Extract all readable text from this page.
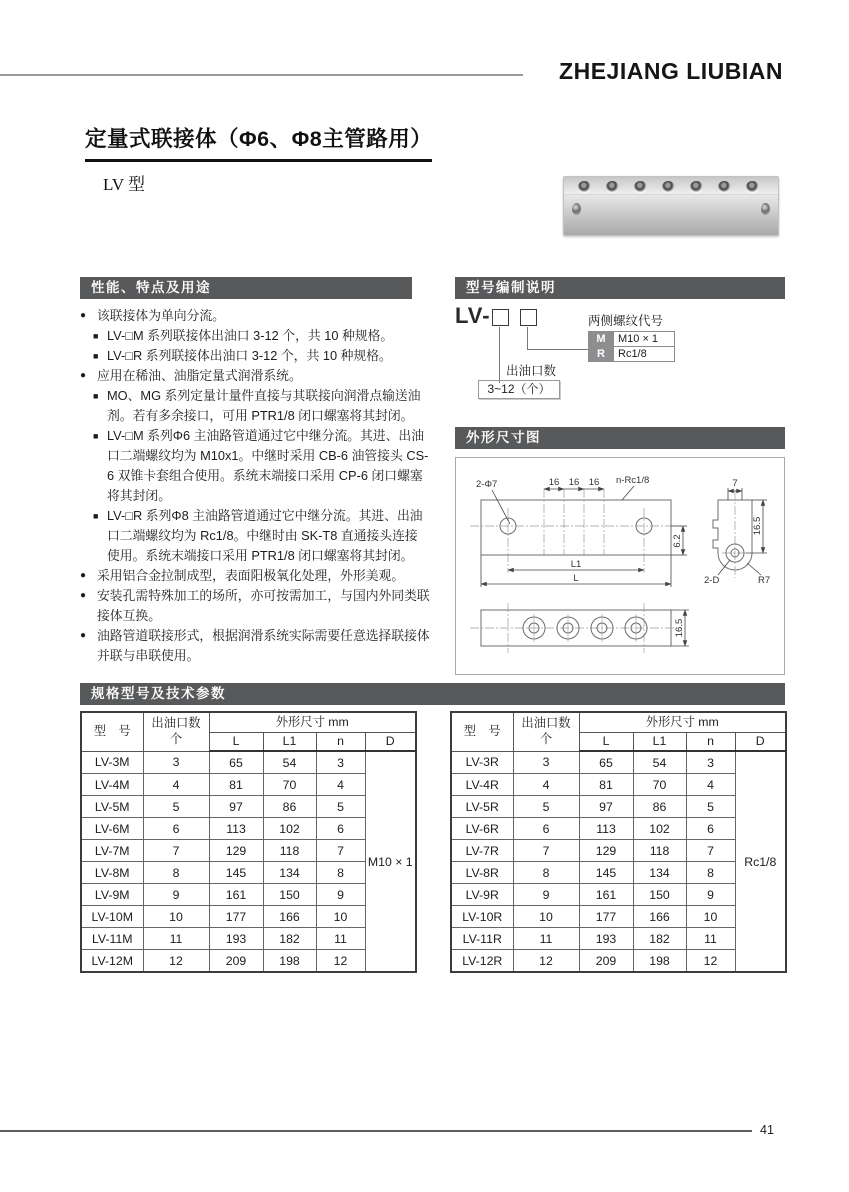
ZHEJIANG LIUBIAN
定量式联接体（Φ6、Φ8主管路用）
LV 型
性能、特点及用途	型号编制说明
外形尺寸图
规格型号及技术参数
● 该联接体为单向分流。
■ LV-□M 系列联接体出油口 3-12 个，共 10 种规格。
■ LV-□R 系列联接体出油口 3-12 个，共 10 种规格。
● 应用在稀油、油脂定量式润滑系统。
■ MO、MG 系列定量计量件直接与其联接向润滑点输送油剂。若有多余接口，可用 PTR1/8 闭口螺塞将其封闭。
■ LV-□M 系列Φ6 主油路管道通过它中继分流。其进、出油口二端螺纹均为 M10x1。中继时采用 CB-6 油管接头 CS-6 双锥卡套组合使用。系统末端接口采用 CP-6 闭口螺塞将其封闭。
■ LV-□R 系列Φ8 主油路管道通过它中继分流。其进、出油口二端螺纹均为 Rc1/8。中继时由 SK-T8 直通接头连接使用。系统末端接口采用 PTR1/8 闭口螺塞将其封闭。
● 采用铝合金拉制成型，表面阳极氧化处理，外形美观。
● 安装孔需特殊加工的场所，亦可按需加工，与国内外同类联接体互换。
● 油路管道联接形式，根据润滑系统实际需要任意选择联接体并联与串联使用。
LV-
出油口数
3~12（个）
两侧螺纹代号
M	M10 × 1
R	Rc1/8
16 16 16
2-Φ7	n-Rc1/8
6.2
L1
L
16.5
7
16.5
2-D	R7
型　号	出油口数
个	外形尺寸 mm			
		L	L1	n	D
LV-3M	3	65	54	3	M10 × 1
LV-4M	4	81	70	4	
LV-5M	5	97	86	5	
LV-6M	6	113	102	6	
LV-7M	7	129	118	7	
LV-8M	8	145	134	8	
LV-9M	9	161	150	9	
LV-10M	10	177	166	10	
LV-11M	11	193	182	11	
LV-12M	12	209	198	12	
型　号	出油口数
个	外形尺寸 mm			
		L	L1	n	D
LV-3R	3	65	54	3	Rc1/8
LV-4R	4	81	70	4	
LV-5R	5	97	86	5	
LV-6R	6	113	102	6	
LV-7R	7	129	118	7	
LV-8R	8	145	134	8	
LV-9R	9	161	150	9	
LV-10R	10	177	166	10	
LV-11R	11	193	182	11	
LV-12R	12	209	198	12	
41
